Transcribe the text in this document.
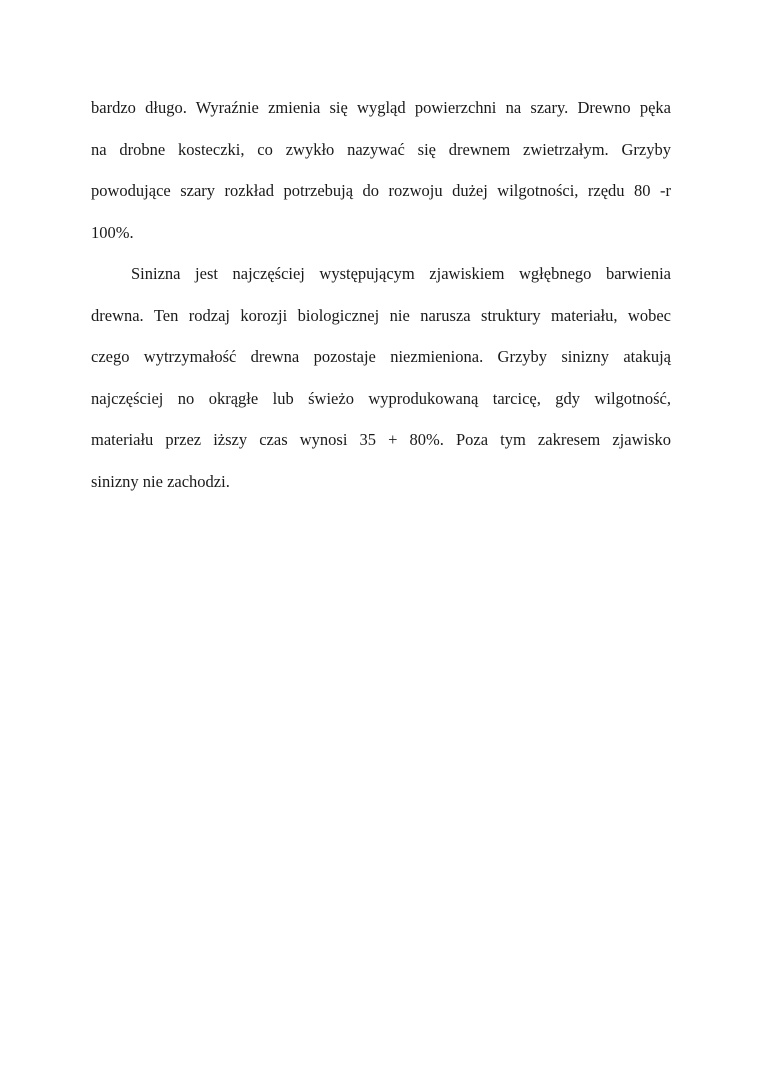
bardzo długo. Wyraźnie zmienia się wygląd powierzchni na szary. Drewno pęka
na drobne kosteczki, co zwykło nazywać się drewnem zwietrzałym. Grzyby
powodujące szary rozkład potrzebują do rozwoju dużej wilgotności, rzędu 80 -r
100%.

Sinizna jest najczęściej występującym zjawiskiem wgłębnego barwienia
drewna. Ten rodzaj korozji biologicznej nie narusza struktury materiału, wobec
czego wytrzymałość drewna pozostaje niezmieniona. Grzyby sinizny atakują
najczęściej no okrągłe lub świeżo wyprodukowaną tarcicę, gdy wilgotność,
materiału przez iższy czas wynosi 35 + 80%. Poza tym zakresem zjawisko
sinizny nie zachodzi.
